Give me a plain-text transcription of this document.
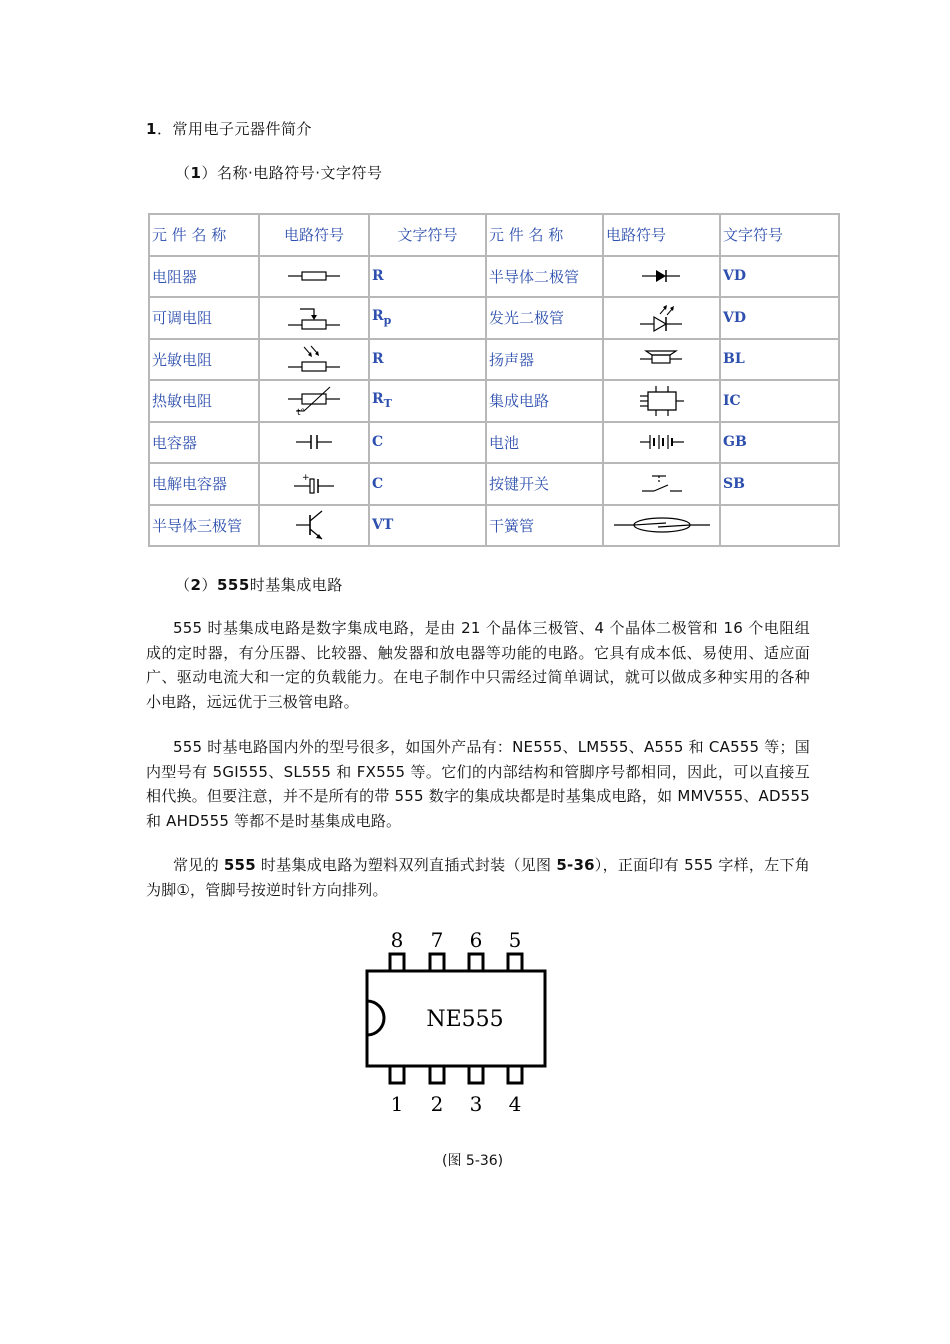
1．常用电子元器件简介
（1）名称·电路符号·文字符号
元 件 名 称	电路符号	文字符号	元 件 名 称	电路符号	文字符号
电阻器		R	半导体二极管		VD
可调电阻		$R_p$	发光二极管		VD
光敏电阻		R	扬声器		BL
热敏电阻	t°	$R_T$	集成电路		IC
电容器		C	电池		GB
电解电容器	+	C	按键开关		SB
半导体三极管		VT	干簧管	

（2）555时基集成电路

555 时基集成电路是数字集成电路，是由 21 个晶体三极管、4 个晶体二极管和 16 个电阻组成的定时器，有分压器、比较器、触发器和放电器等功能的电路。它具有成本低、易使用、适应面广、驱动电流大和一定的负载能力。在电子制作中只需经过简单调试，就可以做成多种实用的各种小电路，远远优于三极管电路。

555 时基电路国内外的型号很多，如国外产品有：NE555、LM555、A555 和 CA555 等；国内型号有 5GI555、SL555 和 FX555 等。它们的内部结构和管脚序号都相同，因此，可以直接互相代换。但要注意，并不是所有的带 555 数字的集成块都是时基集成电路，如 MMV555、AD555 和 AHD555 等都不是时基集成电路。

常见的 555 时基集成电路为塑料双列直插式封装（见图 5-36），正面印有 555 字样，左下角为脚①，管脚号按逆时针方向排列。

8 7 6 5
NE555
1 2 3 4
(图 5-36)
